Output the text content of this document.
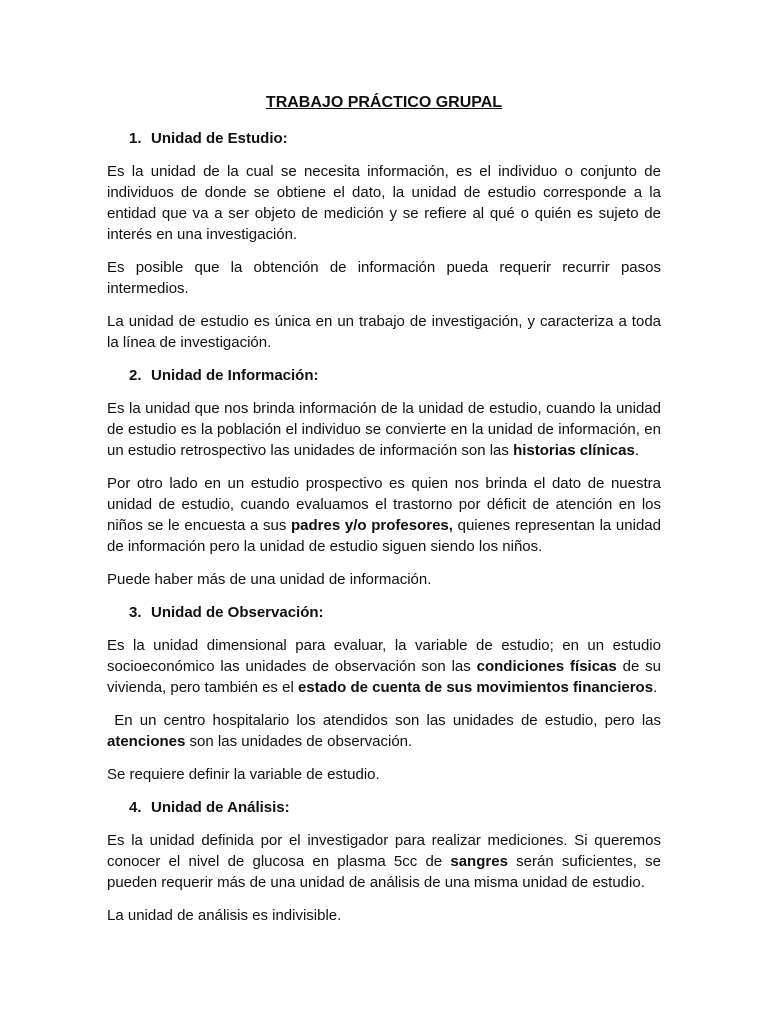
TRABAJO PRÁCTICO GRUPAL
1. Unidad de Estudio:

Es la unidad de la cual se necesita información, es el individuo o conjunto de individuos de donde se obtiene el dato, la unidad de estudio corresponde a la entidad que va a ser objeto de medición y se refiere al qué o quién es sujeto de interés en una investigación.

Es posible que la obtención de información pueda requerir recurrir pasos intermedios.

La unidad de estudio es única en un trabajo de investigación, y caracteriza a toda la línea de investigación.

2. Unidad de Información:

Es la unidad que nos brinda información de la unidad de estudio, cuando la unidad de estudio es la población el individuo se convierte en la unidad de información, en un estudio retrospectivo las unidades de información son las historias clínicas.

Por otro lado en un estudio prospectivo es quien nos brinda el dato de nuestra unidad de estudio, cuando evaluamos el trastorno por déficit de atención en los niños se le encuesta a sus padres y/o profesores, quienes representan la unidad de información pero la unidad de estudio siguen siendo los niños.

Puede haber más de una unidad de información.

3. Unidad de Observación:

Es la unidad dimensional para evaluar, la variable de estudio; en un estudio socioeconómico las unidades de observación son las condiciones físicas de su vivienda, pero también es el estado de cuenta de sus movimientos financieros.

En un centro hospitalario los atendidos son las unidades de estudio, pero las atenciones son las unidades de observación.

Se requiere definir la variable de estudio.

4. Unidad de Análisis:

Es la unidad definida por el investigador para realizar mediciones. Si queremos conocer el nivel de glucosa en plasma 5cc de sangres serán suficientes, se pueden requerir más de una unidad de análisis de una misma unidad de estudio.

La unidad de análisis es indivisible.
